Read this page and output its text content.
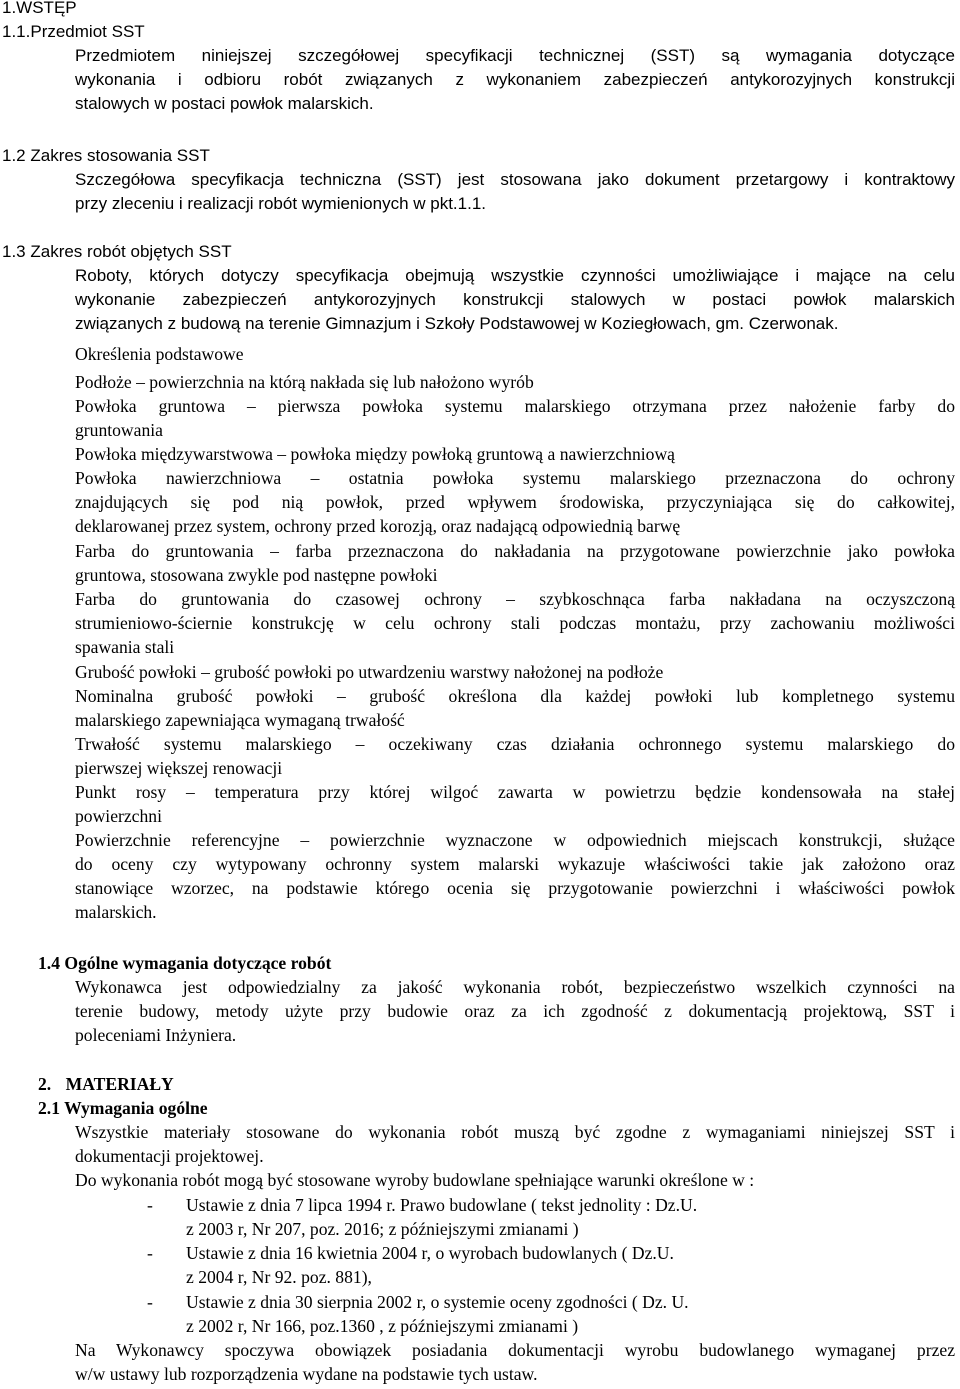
1.WSTĘP
1.1.Przedmiot SST
Przedmiotem niniejszej szczegółowej specyfikacji technicznej (SST) są wymagania dotyczące
wykonania i odbioru robót związanych z wykonaniem zabezpieczeń antykorozyjnych konstrukcji
stalowych w postaci powłok malarskich.
1.2 Zakres stosowania SST
Szczegółowa specyfikacja techniczna (SST) jest stosowana jako dokument przetargowy i kontraktowy
przy zleceniu i realizacji robót wymienionych w pkt.1.1.
1.3 Zakres robót objętych SST
Roboty, których dotyczy specyfikacja obejmują wszystkie czynności umożliwiające i mające na celu
wykonanie zabezpieczeń antykorozyjnych konstrukcji stalowych w postaci powłok malarskich
związanych z budową na terenie Gimnazjum i Szkoły Podstawowej w Koziegłowach, gm. Czerwonak.
Określenia podstawowe
Podłoże – powierzchnia na którą nakłada się lub nałożono wyrób
Powłoka gruntowa – pierwsza powłoka systemu malarskiego otrzymana przez nałożenie farby do
gruntowania
Powłoka międzywarstwowa – powłoka między powłoką gruntową a nawierzchniową
Powłoka nawierzchniowa – ostatnia powłoka systemu malarskiego przeznaczona do ochrony
znajdujących się pod nią powłok, przed wpływem środowiska, przyczyniająca się do całkowitej,
deklarowanej przez system, ochrony przed korozją, oraz nadającą odpowiednią barwę
Farba do gruntowania – farba przeznaczona do nakładania na przygotowane powierzchnie jako powłoka
gruntowa, stosowana zwykle pod następne powłoki
Farba do gruntowania do czasowej ochrony – szybkoschnąca farba nakładana na oczyszczoną
strumieniowo-ściernie konstrukcję w celu ochrony stali podczas montażu, przy zachowaniu możliwości
spawania stali
Grubość powłoki – grubość powłoki po utwardzeniu warstwy nałożonej na podłoże
Nominalna grubość powłoki – grubość określona dla każdej powłoki lub kompletnego systemu
malarskiego zapewniająca wymaganą trwałość
Trwałość systemu malarskiego – oczekiwany czas działania ochronnego systemu malarskiego do
pierwszej większej renowacji
Punkt rosy – temperatura przy której wilgoć zawarta w powietrzu będzie kondensowała na stałej
powierzchni
Powierzchnie referencyjne – powierzchnie wyznaczone w odpowiednich miejscach konstrukcji, służące
do oceny czy wytypowany ochronny system malarski wykazuje właściwości takie jak założono oraz
stanowiące wzorzec, na podstawie którego ocenia się przygotowanie powierzchni i właściwości powłok
malarskich.
1.4 Ogólne wymagania dotyczące robót
Wykonawca jest odpowiedzialny za jakość wykonania robót, bezpieczeństwo wszelkich czynności na
terenie budowy, metody użyte przy budowie oraz za ich zgodność z dokumentacją projektową, SST i
poleceniami Inżyniera.
2. MATERIAŁY
2.1 Wymagania ogólne
Wszystkie materiały stosowane do wykonania robót muszą być zgodne z wymaganiami niniejszej SST i
dokumentacji projektowej.
Do wykonania robót mogą być stosowane wyroby budowlane spełniające warunki określone w :
- Ustawie z dnia 7 lipca 1994 r. Prawo budowlane ( tekst jednolity : Dz.U.
z 2003 r, Nr 207, poz. 2016; z późniejszymi zmianami )
- Ustawie z dnia 16 kwietnia 2004 r, o wyrobach budowlanych ( Dz.U.
z 2004 r, Nr 92. poz. 881),
- Ustawie z dnia 30 sierpnia 2002 r, o systemie oceny zgodności ( Dz. U.
z 2002 r, Nr 166, poz.1360 , z późniejszymi zmianami )
Na Wykonawcy spoczywa obowiązek posiadania dokumentacji wyrobu budowlanego wymaganej przez
w/w ustawy lub rozporządzenia wydane na podstawie tych ustaw.
